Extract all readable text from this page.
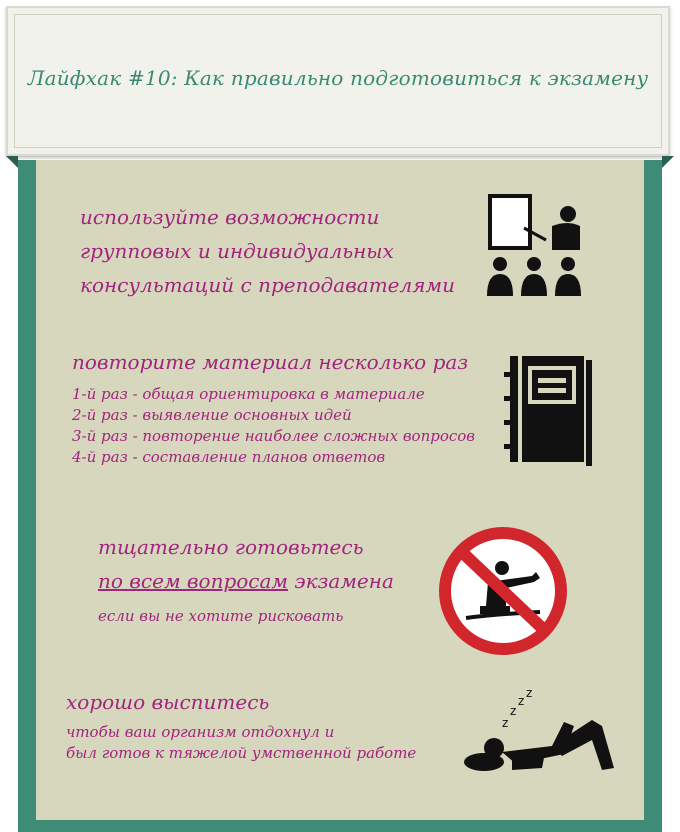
Лайфхак #10: Как правильно подготовиться к экзамену
используйте возможности
групповых и индивидуальных
консультаций с преподавателями
повторите материал несколько раз
1-й раз - общая ориентировка в материале
2-й раз - выявление основных идей
3-й раз - повторение наиболее сложных вопросов
4-й раз - составление планов ответов
тщательно готовьтесь
по всем вопросам экзамена
если вы не хотите рисковать
хорошо выспитесь
чтобы ваш организм отдохнул и
был готов к тяжелой умственной работе
z
z
z
z
